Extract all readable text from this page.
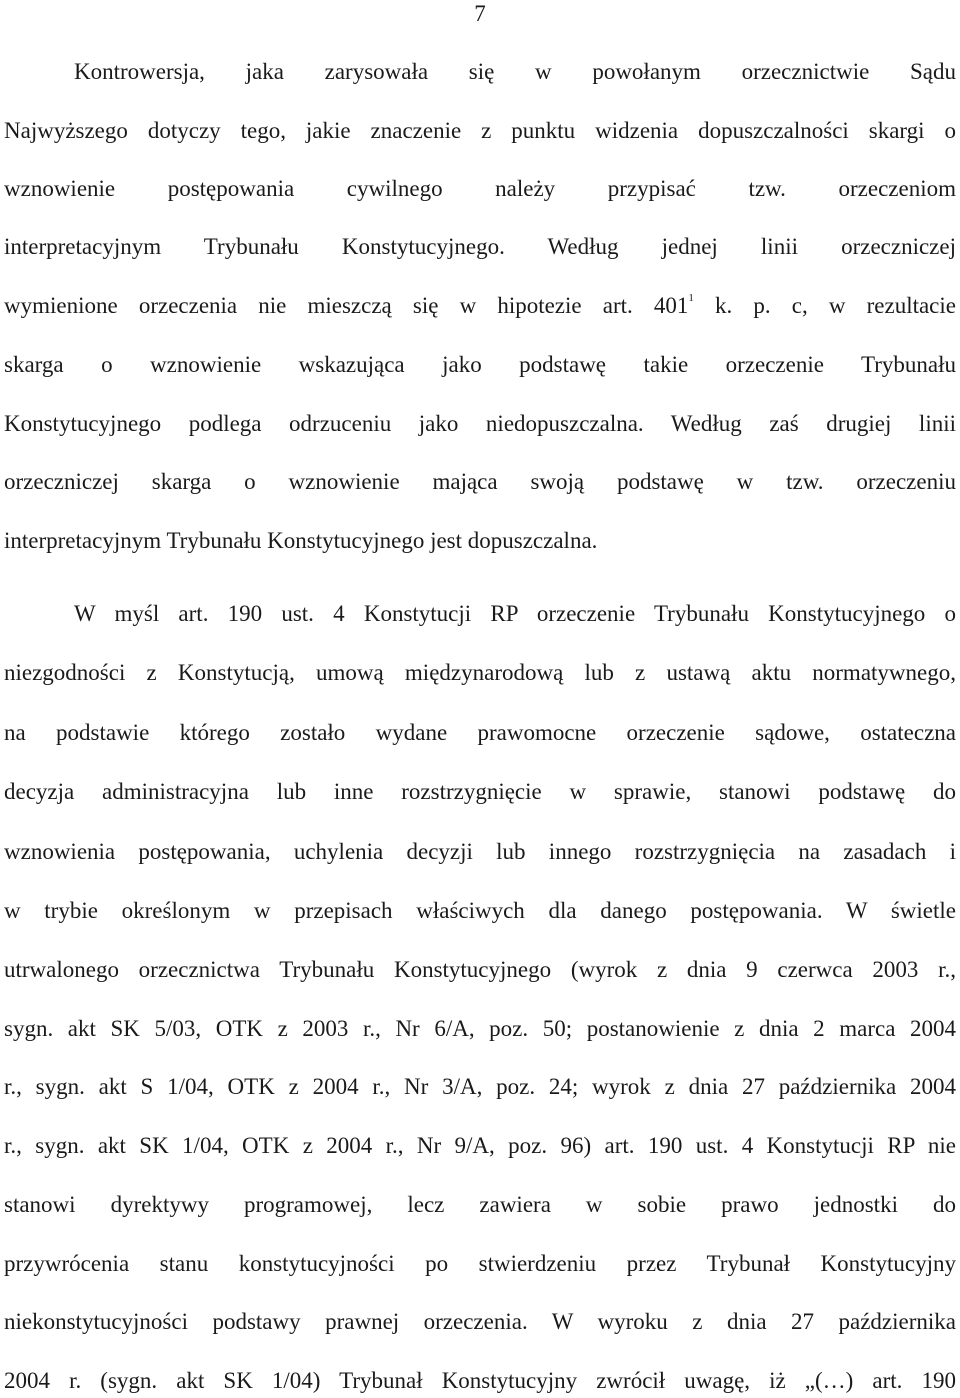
7
Kontrowersja, jaka zarysowała się w powołanym orzecznictwie Sądu
Najwyższego dotyczy tego, jakie znaczenie z punktu widzenia dopuszczalności skargi o
wznowienie postępowania cywilnego należy przypisać tzw. orzeczeniom
interpretacyjnym Trybunału Konstytucyjnego. Według jednej linii orzeczniczej
wymienione orzeczenia nie mieszczą się w hipotezie art. $401^1$ k. p. c, w rezultacie
skarga o wznowienie wskazująca jako podstawę takie orzeczenie Trybunału
Konstytucyjnego podlega odrzuceniu jako niedopuszczalna. Według zaś drugiej linii
orzeczniczej skarga o wznowienie mająca swoją podstawę w tzw. orzeczeniu
interpretacyjnym Trybunału Konstytucyjnego jest dopuszczalna.
W myśl art. 190 ust. 4 Konstytucji RP orzeczenie Trybunału Konstytucyjnego o
niezgodności z Konstytucją, umową międzynarodową lub z ustawą aktu normatywnego,
na podstawie którego zostało wydane prawomocne orzeczenie sądowe, ostateczna
decyzja administracyjna lub inne rozstrzygnięcie w sprawie, stanowi podstawę do
wznowienia postępowania, uchylenia decyzji lub innego rozstrzygnięcia na zasadach i
w trybie określonym w przepisach właściwych dla danego postępowania. W świetle
utrwalonego orzecznictwa Trybunału Konstytucyjnego (wyrok z dnia 9 czerwca 2003 r.,
sygn. akt SK 5/03, OTK z 2003 r., Nr 6/A, poz. 50; postanowienie z dnia 2 marca 2004
r., sygn. akt S 1/04, OTK z 2004 r., Nr 3/A, poz. 24; wyrok z dnia 27 października 2004
r., sygn. akt SK 1/04, OTK z 2004 r., Nr 9/A, poz. 96) art. 190 ust. 4 Konstytucji RP nie
stanowi dyrektywy programowej, lecz zawiera w sobie prawo jednostki do
przywrócenia stanu konstytucyjności po stwierdzeniu przez Trybunał Konstytucyjny
niekonstytucyjności podstawy prawnej orzeczenia. W wyroku z dnia 27 października
2004 r. (sygn. akt SK 1/04) Trybunał Konstytucyjny zwrócił uwagę, iż „(…) art. 190
